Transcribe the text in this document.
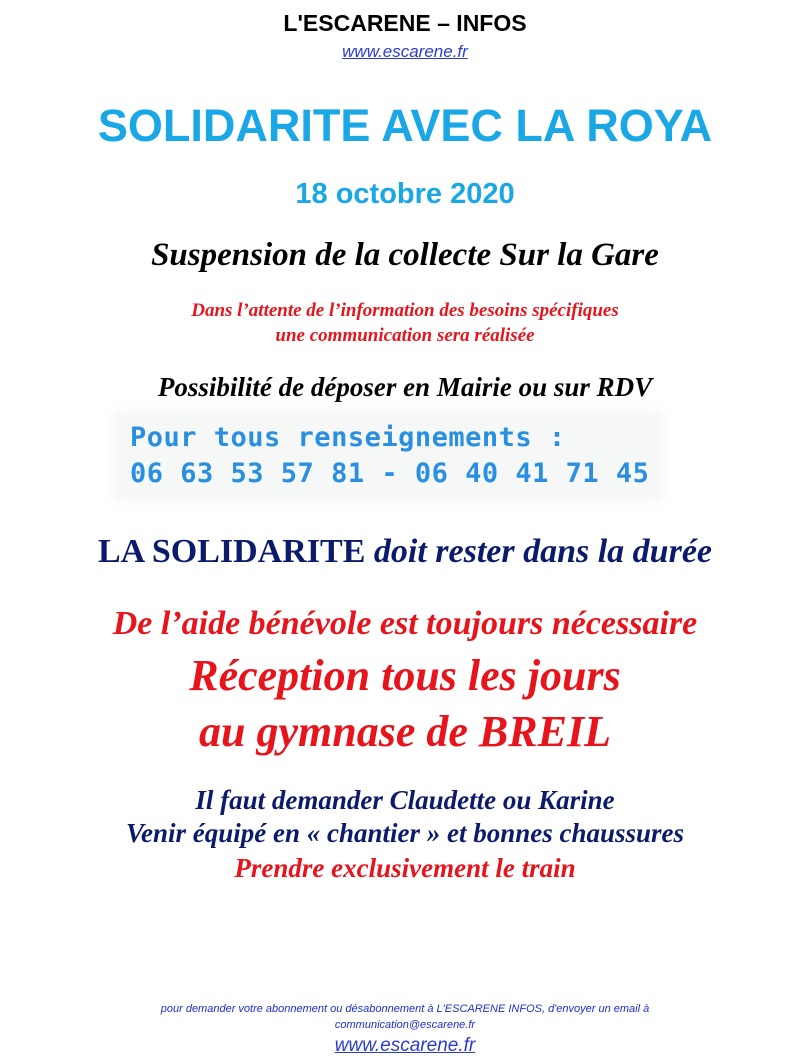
L'ESCARENE – INFOS
www.escarene.fr
SOLIDARITE AVEC LA ROYA
18 octobre 2020
Suspension de la collecte Sur la Gare
Dans l’attente de l’information des besoins spécifiques
une communication sera réalisée
Possibilité de déposer en Mairie ou sur RDV
Pour tous renseignements :
06 63 53 57 81 - 06 40 41 71 45
LA SOLIDARITE doit rester dans la durée
De l’aide bénévole est toujours nécessaire
Réception tous les jours
au gymnase de BREIL
Il faut demander Claudette ou Karine
Venir équipé en « chantier » et bonnes chaussures
Prendre exclusivement le train
pour demander votre abonnement ou désabonnement à L'ESCARENE INFOS, d'envoyer un email à
communication@escarene.fr
www.escarene.fr
